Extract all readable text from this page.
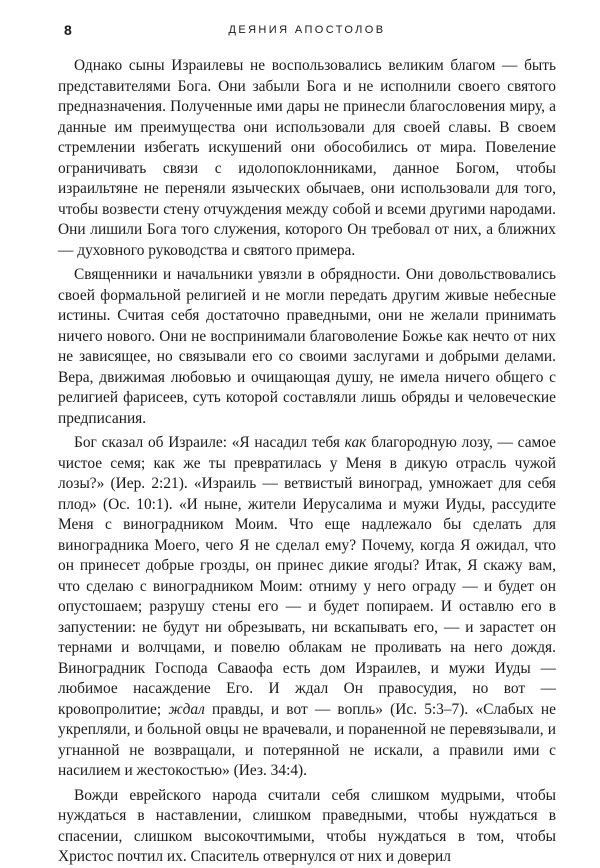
8	ДЕЯНИЯ АПОСТОЛОВ

Однако сыны Израилевы не воспользовались великим благом — быть представителями Бога. Они забыли Бога и не исполнили своего святого предназначения. Полученные ими дары не принесли благословения миру, а данные им преимущества они использовали для своей славы. В своем стремлении избегать искушений они обособились от мира. Повеление ограничивать связи с идолопоклонниками, данное Богом, чтобы израильтяне не переняли языческих обычаев, они использовали для того, чтобы возвести стену отчуждения между собой и всеми другими народами. Они лишили Бога того служения, которого Он требовал от них, а ближних — духовного руководства и святого примера.

Священники и начальники увязли в обрядности. Они довольствовались своей формальной религией и не могли передать другим живые небесные истины. Считая себя достаточно праведными, они не желали принимать ничего нового. Они не воспринимали благоволение Божье как нечто от них не зависящее, но связывали его со своими заслугами и добрыми делами. Вера, движимая любовью и очищающая душу, не имела ничего общего с религией фарисеев, суть которой составляли лишь обряды и человеческие предписания.

Бог сказал об Израиле: «Я насадил тебя как благородную лозу, — самое чистое семя; как же ты превратилась у Меня в дикую отрасль чужой лозы?» (Иер. 2:21). «Израиль — ветвистый виноград, умножает для себя плод» (Ос. 10:1). «И ныне, жители Иерусалима и мужи Иуды, рассудите Меня с виноградником Моим. Что еще надлежало бы сделать для виноградника Моего, чего Я не сделал ему? Почему, когда Я ожидал, что он принесет добрые грозды, он принес дикие ягоды? Итак, Я скажу вам, что сделаю с виноградником Моим: отниму у него ограду — и будет он опустошаем; разрушу стены его — и будет попираем. И оставлю его в запустении: не будут ни обрезывать, ни вскапывать его, — и зарастет он тернами и волчцами, и повелю облакам не проливать на него дождя. Виноградник Господа Саваофа есть дом Израилев, и мужи Иуды — любимое насаждение Его. И ждал Он правосудия, но вот — кровопролитие; ждал правды, и вот — вопль» (Ис. 5:3–7). «Слабых не укрепляли, и больной овцы не врачевали, и пораненной не перевязывали, и угнанной не возвращали, и потерянной не искали, а правили ими с насилием и жестокостью» (Иез. 34:4).

Вожди еврейского народа считали себя слишком мудрыми, чтобы нуждаться в наставлении, слишком праведными, чтобы нуждаться в спасении, слишком высокочтимыми, чтобы нуждаться в том, чтобы Христос почтил их. Спаситель отвернулся от них и доверил
